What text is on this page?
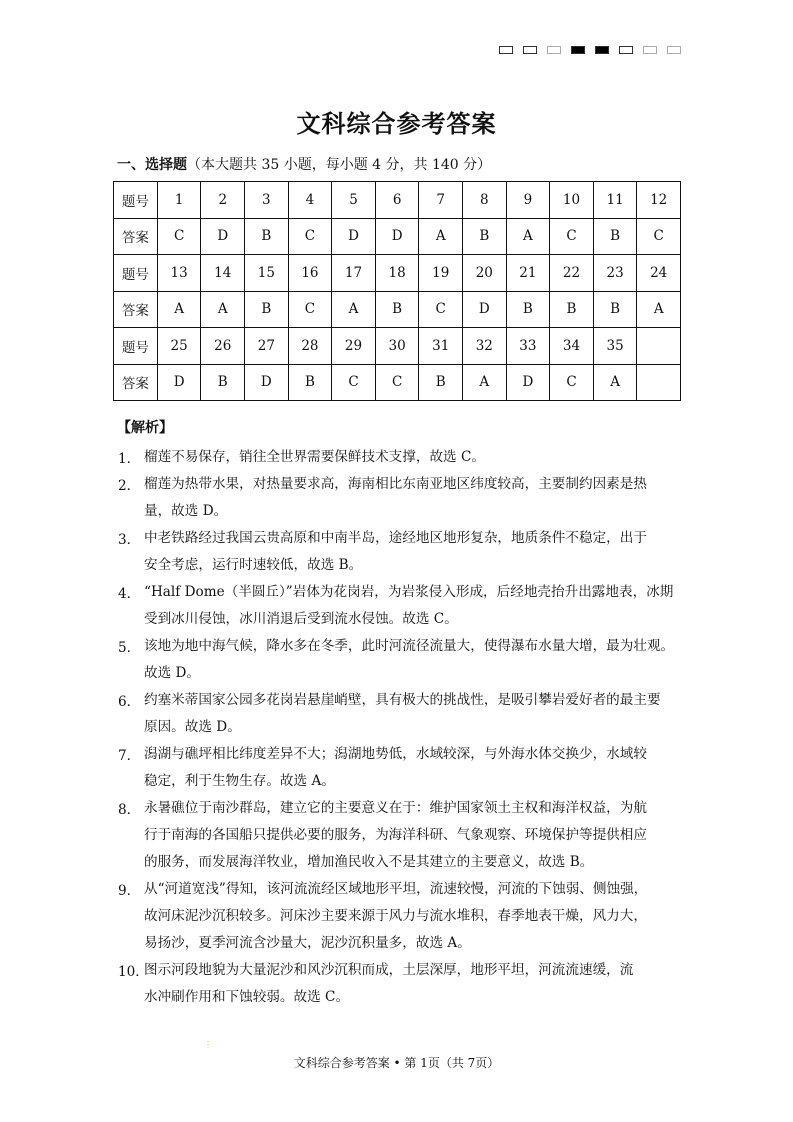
文科综合参考答案
一、选择题（本大题共 35 小题，每小题 4 分，共 140 分）
题号	1	2	3	4	5	6	7	8	9	10	11	12
答案	C	D	B	C	D	D	A	B	A	C	B	C
题号	13	14	15	16	17	18	19	20	21	22	23	24
答案	A	A	B	C	A	B	C	D	B	B	B	A
题号	25	26	27	28	29	30	31	32	33	34	35	
答案	D	B	D	B	C	C	B	A	D	C	A	
【解析】
1． 榴莲不易保存，销往全世界需要保鲜技术支撑，故选 C。
2． 榴莲为热带水果，对热量要求高，海南相比东南亚地区纬度较高，主要制约因素是热
量，故选 D。
3． 中老铁路经过我国云贵高原和中南半岛，途经地区地形复杂，地质条件不稳定，出于
安全考虑，运行时速较低，故选 B。
4． “Half Dome（半圆丘）”岩体为花岗岩，为岩浆侵入形成，后经地壳抬升出露地表，冰期
受到冰川侵蚀，冰川消退后受到流水侵蚀。故选 C。
5． 该地为地中海气候，降水多在冬季，此时河流径流量大，使得瀑布水量大增，最为壮观。
故选 D。
6． 约塞米蒂国家公园多花岗岩悬崖峭壁，具有极大的挑战性，是吸引攀岩爱好者的最主要
原因。故选 D。
7． 潟湖与礁坪相比纬度差异不大；潟湖地势低，水域较深，与外海水体交换少，水域较
稳定，利于生物生存。故选 A。
8． 永暑礁位于南沙群岛，建立它的主要意义在于：维护国家领土主权和海洋权益，为航
行于南海的各国船只提供必要的服务，为海洋科研、气象观察、环境保护等提供相应
的服务，而发展海洋牧业，增加渔民收入不是其建立的主要意义，故选 B。
9． 从“河道宽浅”得知，该河流流经区域地形平坦，流速较慢，河流的下蚀弱、侧蚀强，
故河床泥沙沉积较多。河床沙主要来源于风力与流水堆积，春季地表干燥，风力大，
易扬沙，夏季河流含沙量大，泥沙沉积量多，故选 A。
10．
图示河段地貌为大量泥沙和风沙沉积而成，土层深厚，地形平坦，河流流速缓，流
水冲刷作用和下蚀较弱。故选 C。
⋮
文科综合参考答案 • 第 1页（共 7页）
